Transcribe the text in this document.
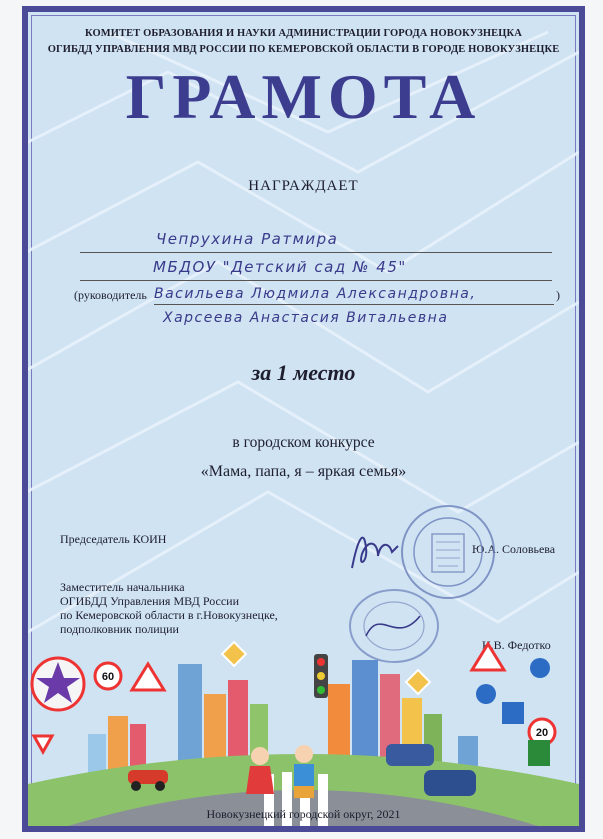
КОМИТЕТ ОБРАЗОВАНИЯ И НАУКИ АДМИНИСТРАЦИИ ГОРОДА НОВОКУЗНЕЦКА
ОГИБДД УПРАВЛЕНИЯ МВД РОССИИ ПО КЕМЕРОВСКОЙ ОБЛАСТИ В ГОРОДЕ НОВОКУЗНЕЦКЕ
ГРАМОТА
НАГРАЖДАЕТ
Чепрухина Ратмира
МБДОУ "Детский сад № 45"
(руководитель Васильева Людмила Александровна,	)
Харсеева Анастасия Витальевна
за 1 место
в городском конкурсе
«Мама, папа, я – яркая семья»
Председатель КОИН
Ю.А. Соловьева
Заместитель начальника
ОГИБДД Управления МВД России
по Кемеровской области в г.Новокузнецке,
подполковник полиции
Н.В. Федотко
60
20
Новокузнецкий городской округ, 2021
